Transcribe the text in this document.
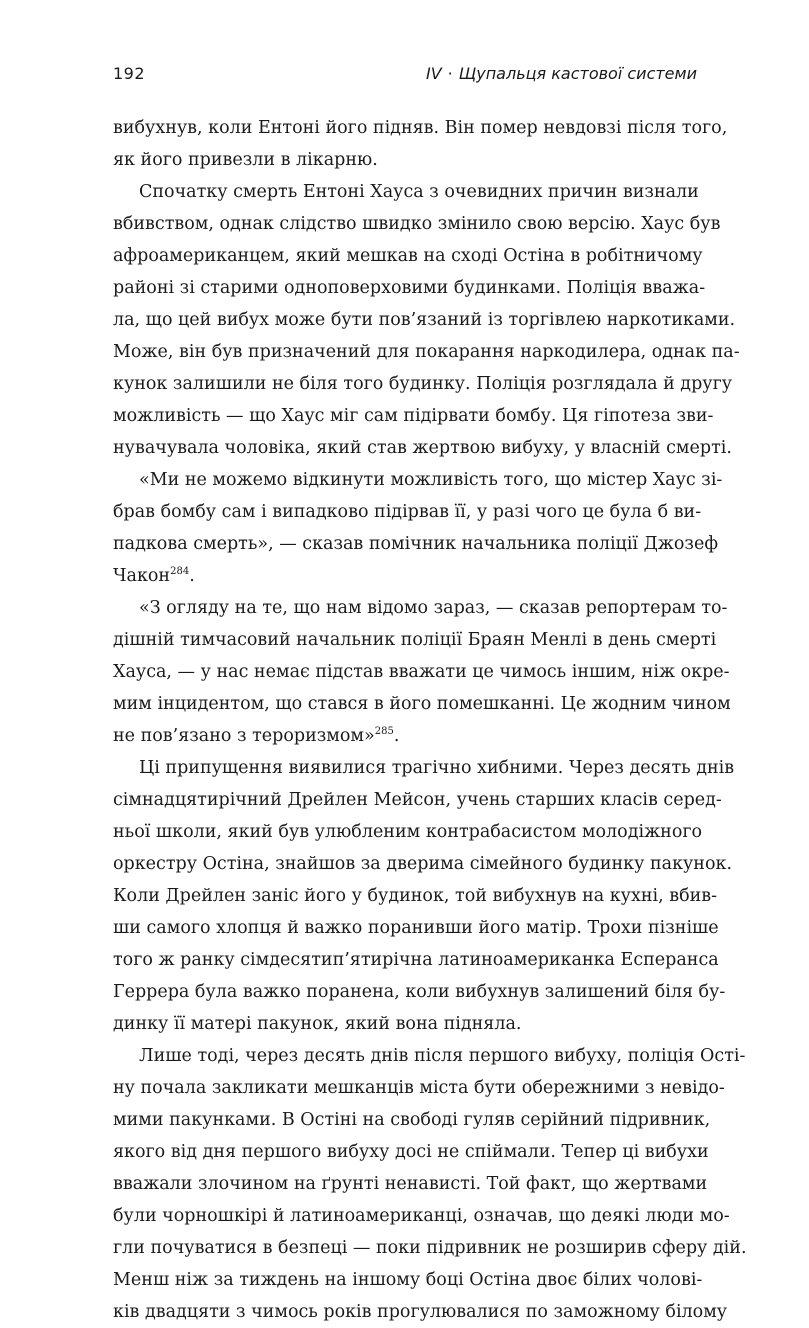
192	IV · Щупальця кастової системи
вибухнув, коли Ентоні його підняв. Він помер невдовзі після того,
як його привезли в лікарню.
Спочатку смерть Ентоні Хауса з очевидних причин визнали
вбивством, однак слідство швидко змінило свою версію. Хаус був
афроамериканцем, який мешкав на сході Остіна в робітничому
районі зі старими одноповерховими будинками. Поліція вважа-
ла, що цей вибух може бути пов’язаний із торгівлею наркотиками.
Може, він був призначений для покарання наркодилера, однак па-
кунок залишили не біля того будинку. Поліція розглядала й другу
можливість — що Хаус міг сам підірвати бомбу. Ця гіпотеза зви-
нувачувала чоловіка, який став жертвою вибуху, у власній смерті.
«Ми не можемо відкинути можливість того, що містер Хаус зі-
брав бомбу сам і випадково підірвав її, у разі чого це була б ви-
падкова смерть», — сказав помічник начальника поліції Джозеф
Чакон$^{284}$.
«З огляду на те, що нам відомо зараз, — сказав репортерам то-
дішній тимчасовий начальник поліції Браян Менлі в день смерті
Хауса, — у нас немає підстав вважати це чимось іншим, ніж окре-
мим інцидентом, що стався в його помешканні. Це жодним чином
не пов’язано з тероризмом»$^{285}$.
Ці припущення виявилися трагічно хибними. Через десять днів
сімнадцятирічний Дрейлен Мейсон, учень старших класів серед-
ньої школи, який був улюбленим контрабасистом молодіжного
оркестру Остіна, знайшов за дверима сімейного будинку пакунок.
Коли Дрейлен заніс його у будинок, той вибухнув на кухні, вбив-
ши самого хлопця й важко поранивши його матір. Трохи пізніше
того ж ранку сімдесятип’ятирічна латиноамериканка Есперанса
Геррера була важко поранена, коли вибухнув залишений біля бу-
динку її матері пакунок, який вона підняла.
Лише тоді, через десять днів після першого вибуху, поліція Ості-
ну почала закликати мешканців міста бути обережними з невідо-
мими пакунками. В Остіні на свободі гуляв серійний підривник,
якого від дня першого вибуху досі не спіймали. Тепер ці вибухи
вважали злочином на ґрунті ненависті. Той факт, що жертвами
були чорношкірі й латиноамериканці, означав, що деякі люди мо-
гли почуватися в безпеці — поки підривник не розширив сферу дій.
Менш ніж за тиждень на іншому боці Остіна двоє білих чолові-
ків двадцяти з чимось років прогулювалися по заможному білому
